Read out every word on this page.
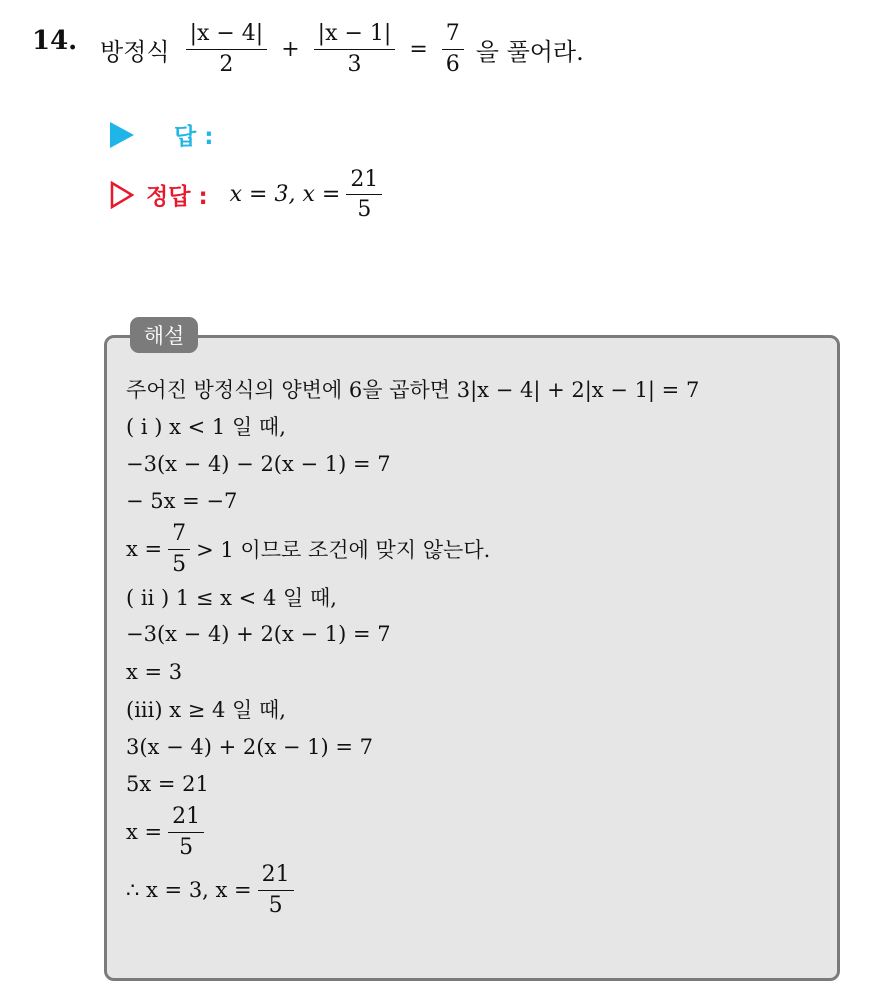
14. 방정식 $\frac{|x - 4|}{2} + \frac{|x - 1|}{3} = \frac{7}{6}$ 을 풀어라.
답 :
정답 : x = 3, $x = \frac{21}{5}$
해설
주어진 방정식의 양변에 6을 곱하면 3|x − 4| + 2|x − 1| = 7
( i ) x < 1 일 때,
−3(x − 4) − 2(x − 1) = 7
− 5x = −7
$x = \frac{7}{5} > 1$ 이므로 조건에 맞지 않는다.
( ii ) 1 ≤ x < 4 일 때,
−3(x − 4) + 2(x − 1) = 7
x = 3
(iii) x ≥ 4 일 때,
3(x − 4) + 2(x − 1) = 7
5x = 21
$x = \frac{21}{5}$
∴ x = 3, $x = \frac{21}{5}$
